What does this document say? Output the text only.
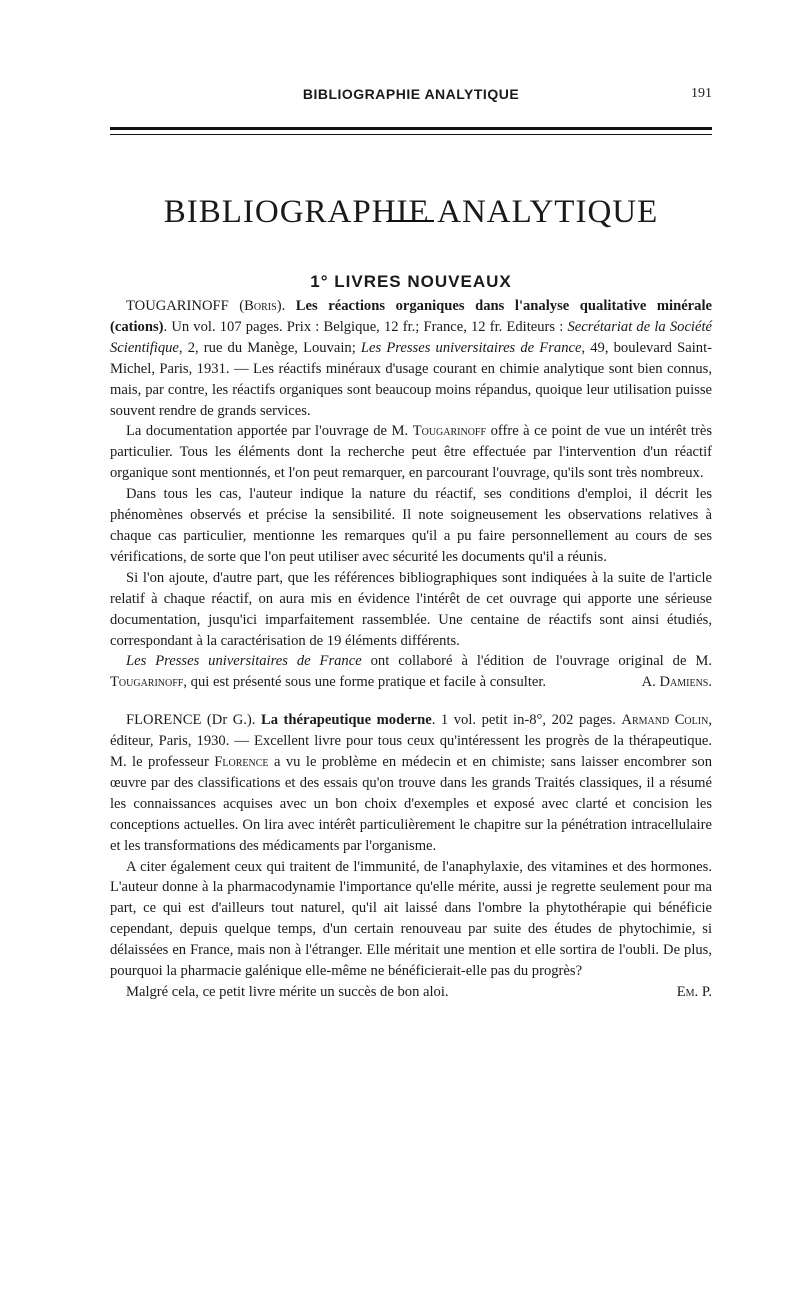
BIBLIOGRAPHIE ANALYTIQUE	191
BIBLIOGRAPHIE ANALYTIQUE
1° LIVRES NOUVEAUX

TOUGARINOFF (Boris). Les réactions organiques dans l'analyse qualitative minérale (cations). Un vol. 107 pages. Prix : Belgique, 12 fr.; France, 12 fr. Editeurs : Secrétariat de la Société Scientifique, 2, rue du Manège, Louvain; Les Presses universitaires de France, 49, boulevard Saint-Michel, Paris, 1931. — Les réactifs minéraux d'usage courant en chimie analytique sont bien connus, mais, par contre, les réactifs organiques sont beaucoup moins répandus, quoique leur utilisation puisse souvent rendre de grands services.

La documentation apportée par l'ouvrage de M. Tougarinoff offre à ce point de vue un intérêt très particulier. Tous les éléments dont la recherche peut être effectuée par l'intervention d'un réactif organique sont mentionnés, et l'on peut remarquer, en parcourant l'ouvrage, qu'ils sont très nombreux.

Dans tous les cas, l'auteur indique la nature du réactif, ses conditions d'emploi, il décrit les phénomènes observés et précise la sensibilité. Il note soigneusement les observations relatives à chaque cas particulier, mentionne les remarques qu'il a pu faire personnellement au cours de ses vérifications, de sorte que l'on peut utiliser avec sécurité les documents qu'il a réunis.

Si l'on ajoute, d'autre part, que les références bibliographiques sont indiquées à la suite de l'article relatif à chaque réactif, on aura mis en évidence l'intérêt de cet ouvrage qui apporte une sérieuse documentation, jusqu'ici imparfaitement rassemblée. Une centaine de réactifs sont ainsi étudiés, correspondant à la caractérisation de 19 éléments différents.

Les Presses universitaires de France ont collaboré à l'édition de l'ouvrage original de M. Tougarinoff, qui est présenté sous une forme pratique et facile à consulter.	A. Damiens.

FLORENCE (Dr G.). La thérapeutique moderne. 1 vol. petit in-8°, 202 pages. Armand Colin, éditeur, Paris, 1930. — Excellent livre pour tous ceux qu'intéressent les progrès de la thérapeutique. M. le professeur Florence a vu le problème en médecin et en chimiste; sans laisser encombrer son œuvre par des classifications et des essais qu'on trouve dans les grands Traités classiques, il a résumé les connaissances acquises avec un bon choix d'exemples et exposé avec clarté et concision les conceptions actuelles. On lira avec intérêt particulièrement le chapitre sur la pénétration intracellulaire et les transformations des médicaments par l'organisme.

A citer également ceux qui traitent de l'immunité, de l'anaphylaxie, des vitamines et des hormones. L'auteur donne à la pharmacodynamie l'importance qu'elle mérite, aussi je regrette seulement pour ma part, ce qui est d'ailleurs tout naturel, qu'il ait laissé dans l'ombre la phytothérapie qui bénéficie cependant, depuis quelque temps, d'un certain renouveau par suite des études de phytochimie, si délaissées en France, mais non à l'étranger. Elle méritait une mention et elle sortira de l'oubli. De plus, pourquoi la pharmacie galénique elle-même ne bénéficierait-elle pas du progrès?

Malgré cela, ce petit livre mérite un succès de bon aloi.	Em. P.
